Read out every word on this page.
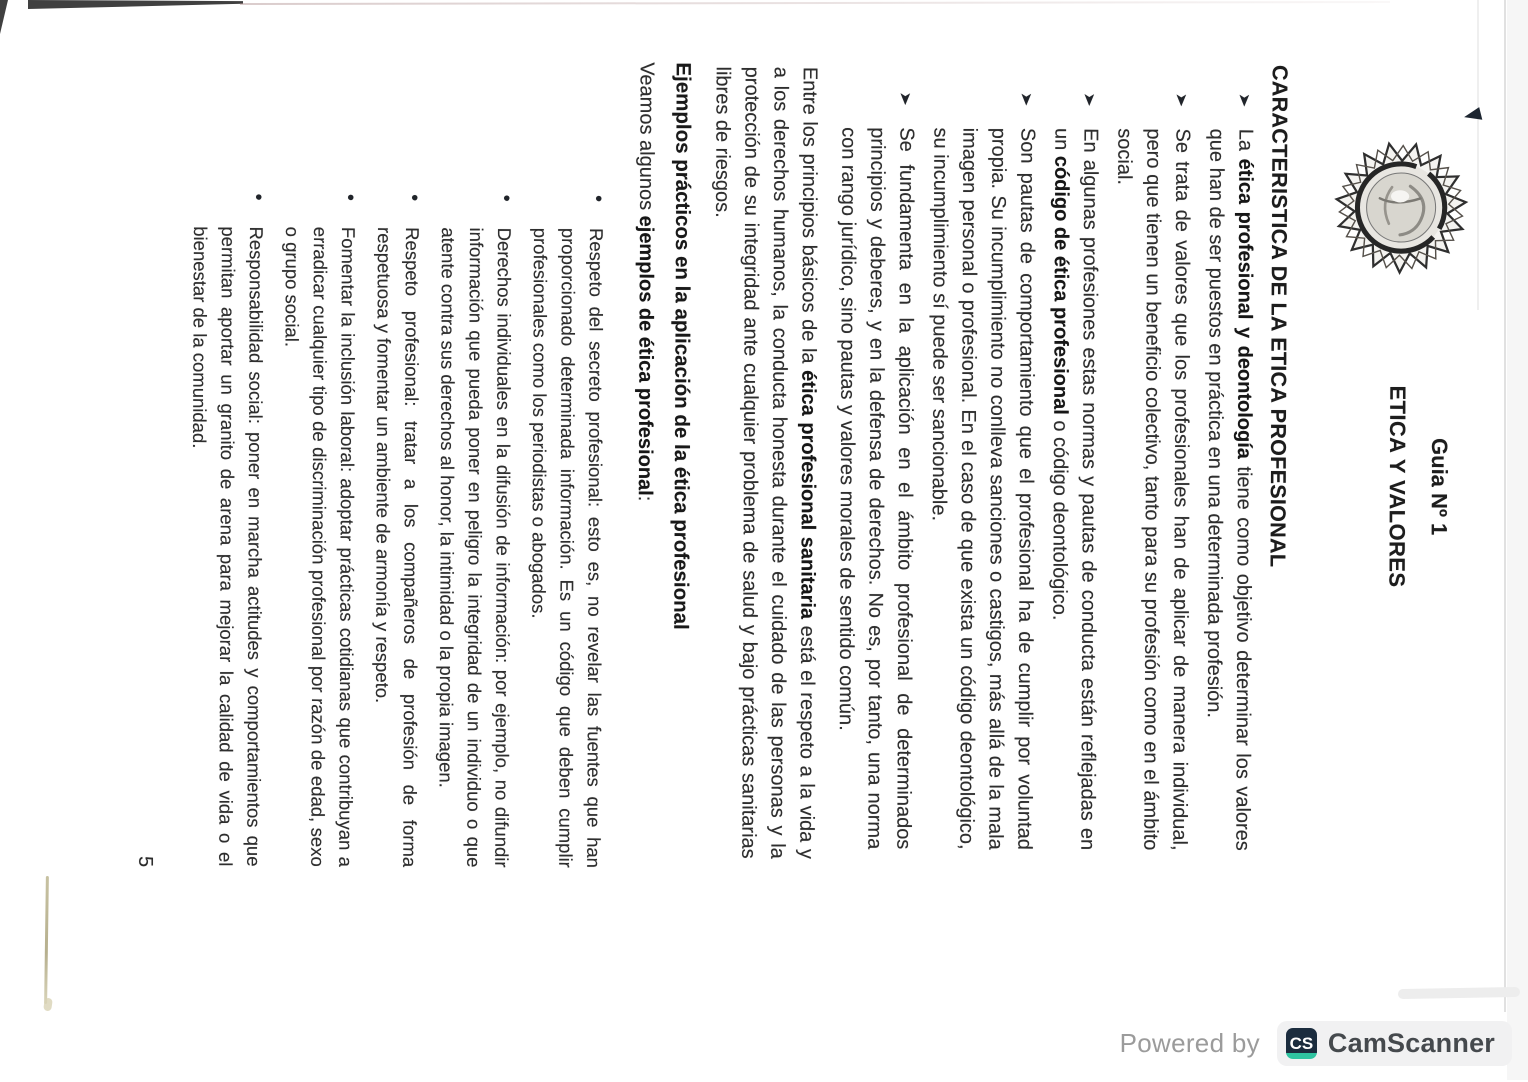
Guia Nº 1
ETICA Y VALORES
CARACTERISTICA DE LA ETICA PROFESIONAL
➤
La ética profesional y deontología tiene como objetivo determinar los valores que han de ser puestos en práctica en una determinada profesión.
➤
Se trata de valores que los profesionales han de aplicar de manera individual, pero que tienen un beneficio colectivo, tanto para su profesión como en el ámbito social.
➤
En algunas profesiones estas normas y pautas de conducta están reflejadas en un código de ética profesional o código deontológico.
➤
Son pautas de comportamiento que el profesional ha de cumplir por voluntad propia. Su incumplimiento no conlleva sanciones o castigos, más allá de la mala imagen personal o profesional. En el caso de que exista un código deontológico, su incumplimiento sí puede ser sancionable.
➤
Se fundamenta en la aplicación en el ámbito profesional de determinados principios y deberes, y en la defensa de derechos. No es, por tanto, una norma con rango jurídico, sino pautas y valores morales de sentido común.

Entre los principios básicos de la ética profesional sanitaria está el respeto a la vida y a los derechos humanos, la conducta honesta durante el cuidado de las personas y la protección de su integridad ante cualquier problema de salud y bajo prácticas sanitarias libres de riesgos.

Ejemplos prácticos en la aplicación de la ética profesional

Veamos algunos ejemplos de ética profesional:

•
Respeto del secreto profesional: esto es, no revelar las fuentes que han proporcionado determinada información. Es un código que deben cumplir profesionales como los periodistas o abogados.
•
Derechos individuales en la difusión de información: por ejemplo, no difundir información que pueda poner en peligro la integridad de un individuo o que atente contra sus derechos al honor, la intimidad o la propia imagen.
•
Respeto profesional: tratar a los compañeros de profesión de forma respetuosa y fomentar un ambiente de armonía y respeto.
•
Fomentar la inclusión laboral: adoptar prácticas cotidianas que contribuyan a erradicar cualquier tipo de discriminación profesional por razón de edad, sexo o grupo social.
•
Responsabilidad social: poner en marcha actitudes y comportamientos que permitan aportar un granito de arena para mejorar la calidad de vida o el bienestar de la comunidad.
5
Powered by CS CamScanner
